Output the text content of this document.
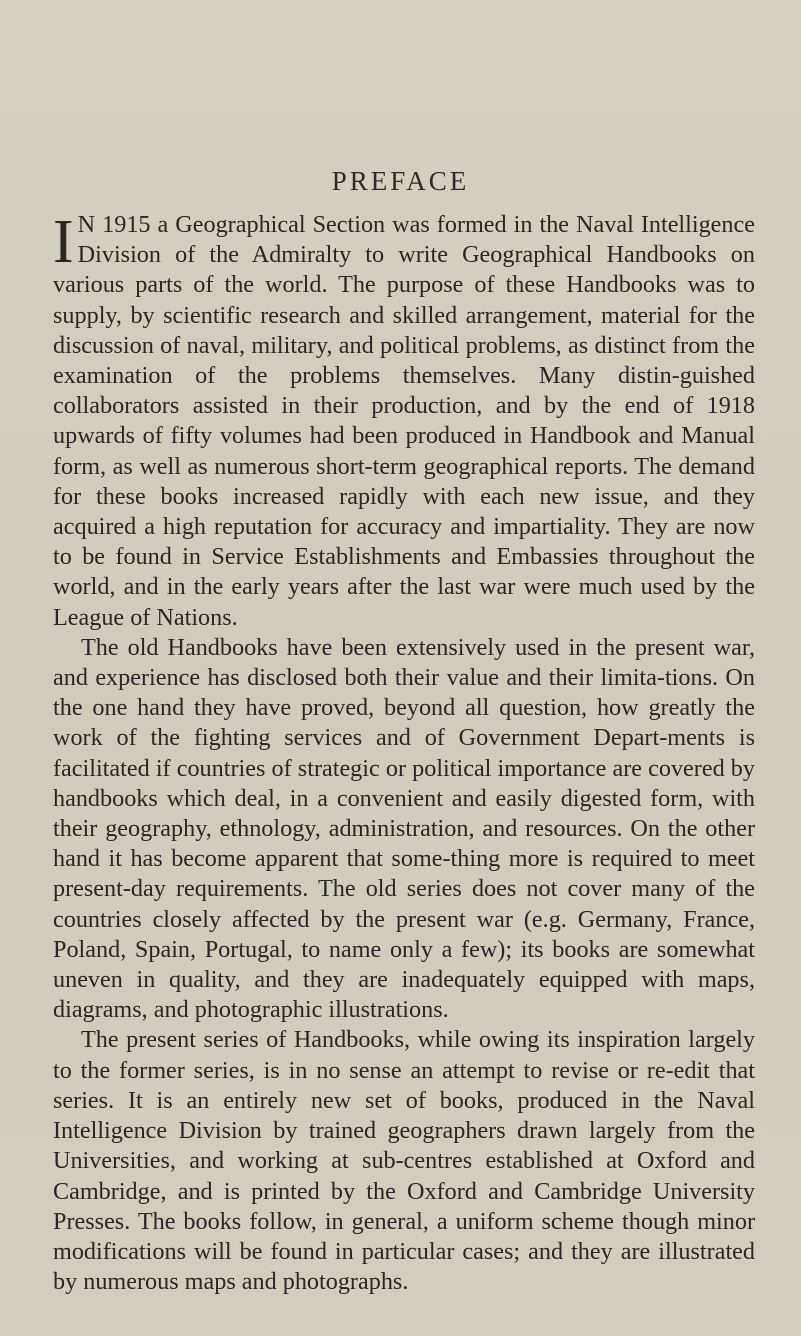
PREFACE

I N 1915 a Geographical Section was formed in the Naval Intelligence Division of the Admiralty to write Geographical Handbooks on various parts of the world. The purpose of these Handbooks was to supply, by scientific research and skilled arrangement, material for the discussion of naval, military, and political problems, as distinct from the examination of the problems themselves. Many distin-guished collaborators assisted in their production, and by the end of 1918 upwards of fifty volumes had been produced in Handbook and Manual form, as well as numerous short-term geographical reports. The demand for these books increased rapidly with each new issue, and they acquired a high reputation for accuracy and impartiality. They are now to be found in Service Establishments and Embassies throughout the world, and in the early years after the last war were much used by the League of Nations.

The old Handbooks have been extensively used in the present war, and experience has disclosed both their value and their limita-tions. On the one hand they have proved, beyond all question, how greatly the work of the fighting services and of Government Depart-ments is facilitated if countries of strategic or political importance are covered by handbooks which deal, in a convenient and easily digested form, with their geography, ethnology, administration, and resources. On the other hand it has become apparent that some-thing more is required to meet present-day requirements. The old series does not cover many of the countries closely affected by the present war (e.g. Germany, France, Poland, Spain, Portugal, to name only a few); its books are somewhat uneven in quality, and they are inadequately equipped with maps, diagrams, and photographic illustrations.

The present series of Handbooks, while owing its inspiration largely to the former series, is in no sense an attempt to revise or re-edit that series. It is an entirely new set of books, produced in the Naval Intelligence Division by trained geographers drawn largely from the Universities, and working at sub-centres established at Oxford and Cambridge, and is printed by the Oxford and Cambridge University Presses. The books follow, in general, a uniform scheme though minor modifications will be found in particular cases; and they are illustrated by numerous maps and photographs.
